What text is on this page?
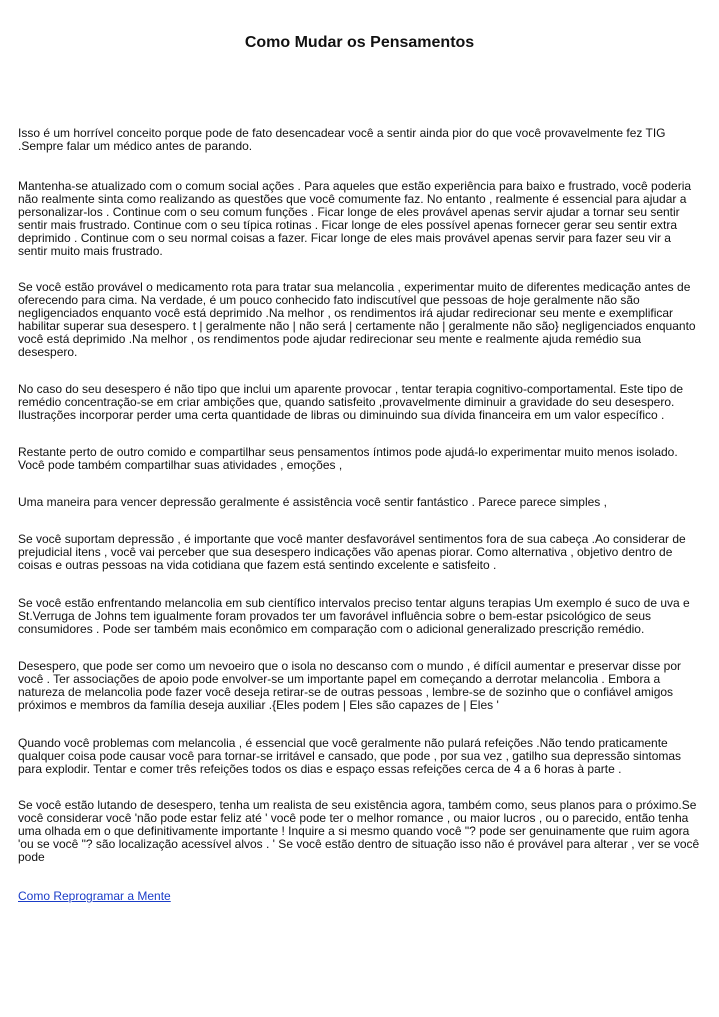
Como Mudar os Pensamentos

Isso é um horrível conceito porque pode de fato desencadear você a sentir ainda pior do que você provavelmente fez TIG .Sempre falar um médico antes de parando.

Mantenha-se atualizado com o comum social ações . Para aqueles que estão experiência para baixo e frustrado, você poderia não realmente sinta como realizando as questões que você comumente faz. No entanto , realmente é essencial para ajudar a personalizar-los . Continue com o seu comum funções . Ficar longe de eles provável apenas servir ajudar a tornar seu sentir sentir mais frustrado. Continue com o seu típica rotinas . Ficar longe de eles possível apenas fornecer gerar seu sentir extra deprimido . Continue com o seu normal coisas a fazer. Ficar longe de eles mais provável apenas servir para fazer seu vir a sentir muito mais frustrado.

Se você estão provável o medicamento rota para tratar sua melancolia , experimentar muito de diferentes medicação antes de oferecendo para cima. Na verdade, é um pouco conhecido fato indiscutível que pessoas de hoje geralmente não são negligenciados enquanto você está deprimido .Na melhor , os rendimentos irá ajudar redirecionar seu mente e exemplificar habilitar superar sua desespero. t | geralmente não | não será | certamente não | geralmente não são} negligenciados enquanto você está deprimido .Na melhor , os rendimentos pode ajudar redirecionar seu mente e realmente ajuda remédio sua desespero.

No caso do seu desespero é não tipo que inclui um aparente provocar , tentar terapia cognitivo-comportamental. Este tipo de remédio concentração-se em criar ambições que, quando satisfeito ,provavelmente diminuir a gravidade do seu desespero. Ilustrações incorporar perder uma certa quantidade de libras ou diminuindo sua dívida financeira em um valor específico .

Restante perto de outro comido e compartilhar seus pensamentos íntimos pode ajudá-lo experimentar muito menos isolado. Você pode também compartilhar suas atividades , emoções ,

Uma maneira para vencer depressão geralmente é assistência você sentir fantástico . Parece parece simples ,

Se você suportam depressão , é importante que você manter desfavorável sentimentos fora de sua cabeça .Ao considerar de prejudicial itens , você vai perceber que sua desespero indicações vão apenas piorar. Como alternativa , objetivo dentro de coisas e outras pessoas na vida cotidiana que fazem está sentindo excelente e satisfeito .

Se você estão enfrentando melancolia em sub científico intervalos preciso tentar alguns terapias Um exemplo é suco de uva e St.Verruga de Johns tem igualmente foram provados ter um favorável influência sobre o bem-estar psicológico de seus consumidores . Pode ser também mais econômico em comparação com o adicional generalizado prescrição remédio.

Desespero, que pode ser como um nevoeiro que o isola no descanso com o mundo , é difícil aumentar e preservar disse por você . Ter associações de apoio pode envolver-se um importante papel em começando a derrotar melancolia . Embora a natureza de melancolia pode fazer você deseja retirar-se de outras pessoas , lembre-se de sozinho que o confiável amigos próximos e membros da família deseja auxiliar .{Eles podem | Eles são capazes de | Eles '

Quando você problemas com melancolia , é essencial que você geralmente não pulará refeições .Não tendo praticamente qualquer coisa pode causar você para tornar-se irritável e cansado, que pode , por sua vez , gatilho sua depressão sintomas para explodir. Tentar e comer três refeições todos os dias e espaço essas refeições cerca de 4 a 6 horas à parte .

Se você estão lutando de desespero, tenha um realista de seu existência agora, também como, seus planos para o próximo.Se você considerar você 'não pode estar feliz até ' você pode ter o melhor romance , ou maior lucros , ou o parecido, então tenha uma olhada em o que definitivamente importante ! Inquire a si mesmo quando você "? pode ser genuinamente que ruim agora 'ou se você "? são localização acessível alvos . ' Se você estão dentro de situação isso não é provável para alterar , ver se você pode

Como Reprogramar a Mente
